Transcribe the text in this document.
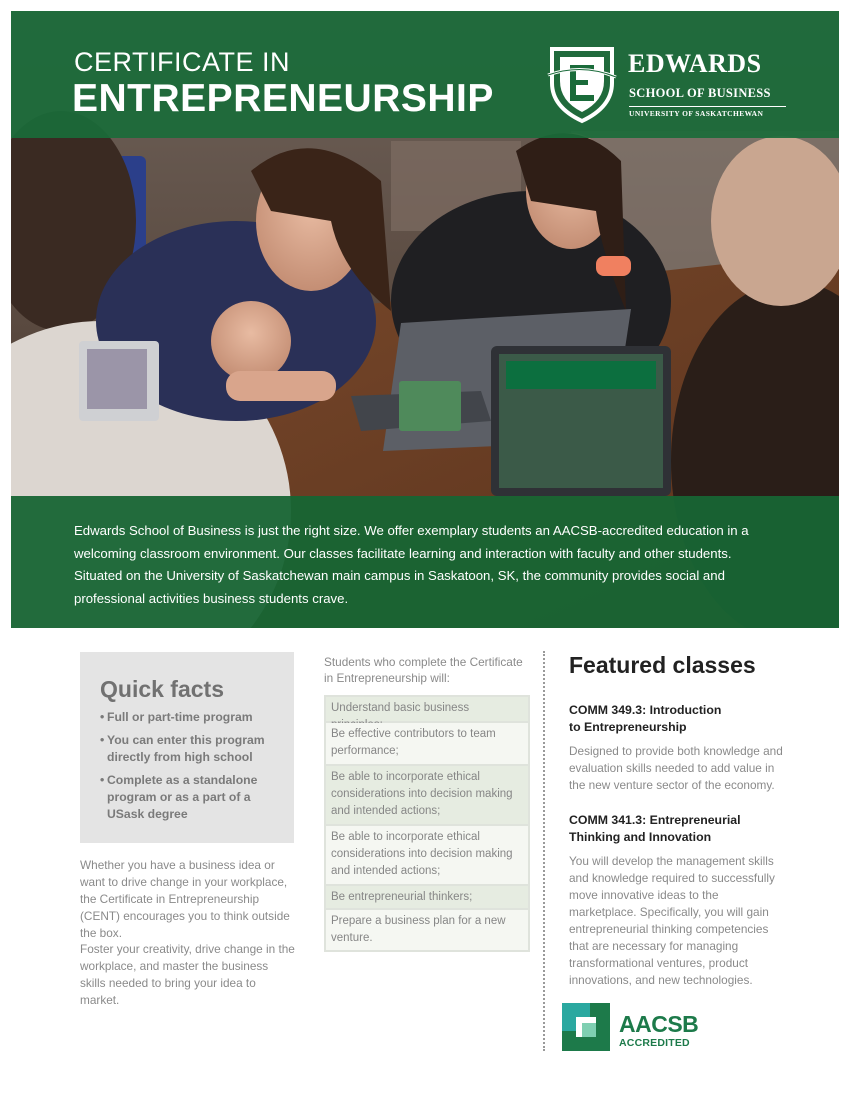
CERTIFICATE IN
ENTREPRENEURSHIP
EDWARDS
SCHOOL OF BUSINESS
UNIVERSITY OF SASKATCHEWAN

Edwards School of Business is just the right size. We offer exemplary students an AACSB-accredited education in a welcoming classroom environment. Our classes facilitate learning and interaction with faculty and other students. Situated on the University of Saskatchewan main campus in Saskatoon, SK, the community provides social and professional activities business students crave.

Quick facts
• Full or part-time program
• You can enter this program directly from high school
• Complete as a standalone program or as a part of a USask degree

Whether you have a business idea or want to drive change in your workplace, the Certificate in Entrepreneurship (CENT) encourages you to think outside the box.

Foster your creativity, drive change in the workplace, and master the business skills needed to bring your idea to market.

Students who complete the Certificate in Entrepreneurship will:

Understand basic business
Be effective contributors to team performance;
Be able to incorporate ethical considerations into decision making and intended actions;
Be able to incorporate ethical considerations into decision making and intended actions;
Be entrepreneurial thinkers;
Prepare a business plan for a new venture.
Featured classes

COMM 349.3: Introduction to Entrepreneurship

Designed to provide both knowledge and evaluation skills needed to add value in the new venture sector of the economy.

COMM 341.3: Entrepreneurial Thinking and Innovation

You will develop the management skills and knowledge required to successfully move innovative ideas to the marketplace. Specifically, you will gain entrepreneurial thinking competencies that are necessary for managing transformational ventures, product innovations, and new technologies.

AACSB
ACCREDITED
